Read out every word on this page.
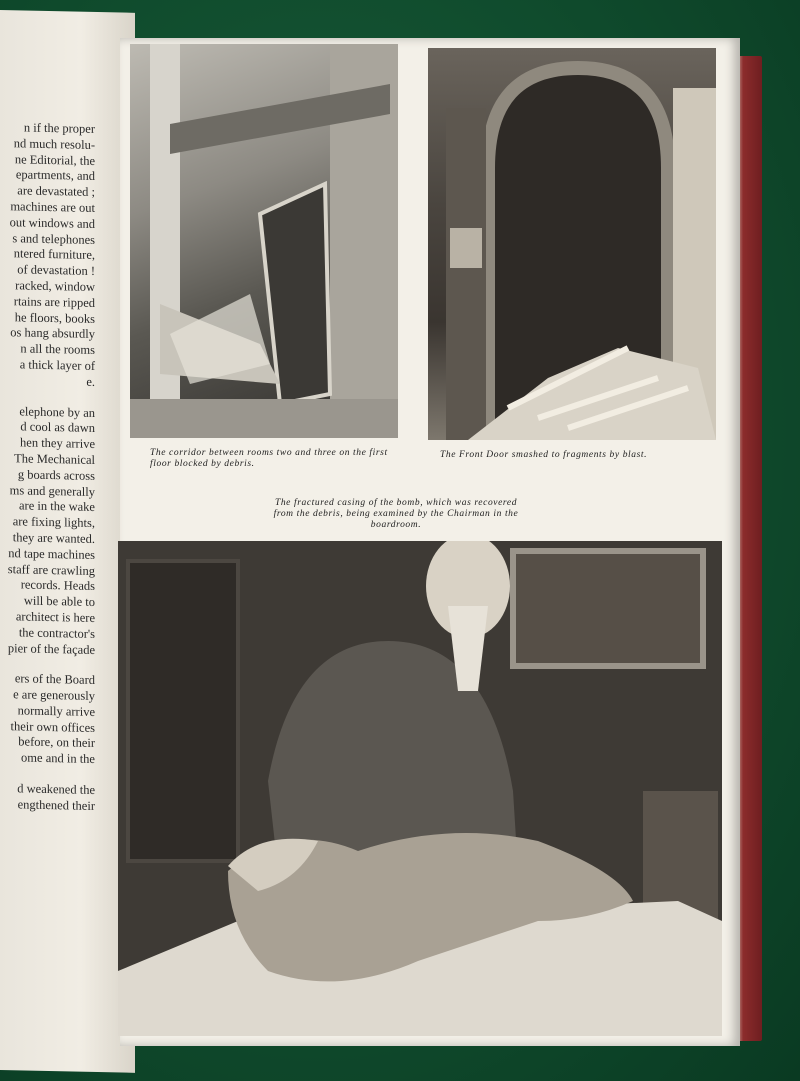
n if the proper
nd much resolu-
ne Editorial, the
epartments, and
are devastated ;
machines are out
out windows and
s and telephones
ntered furniture,
of devastation !
racked, window
rtains are ripped
he floors, books
os hang absurdly
n all the rooms
a thick layer of
e.
elephone by an
d cool as dawn
hen they arrive
The Mechanical
g boards across
ms and generally
are in the wake
are fixing lights,
they are wanted.
nd tape machines
staff are crawling
records. Heads
will be able to
architect is here
the contractor's
pier of the façade
ers of the Board
e are generously
normally arrive
their own offices
before, on their
ome and in the
d weakened the
engthened their
The corridor between rooms two and three on the first floor blocked by debris.
The Front Door smashed to fragments by blast.
The fractured casing of the bomb, which was recovered from the debris, being examined by the Chairman in the boardroom.
